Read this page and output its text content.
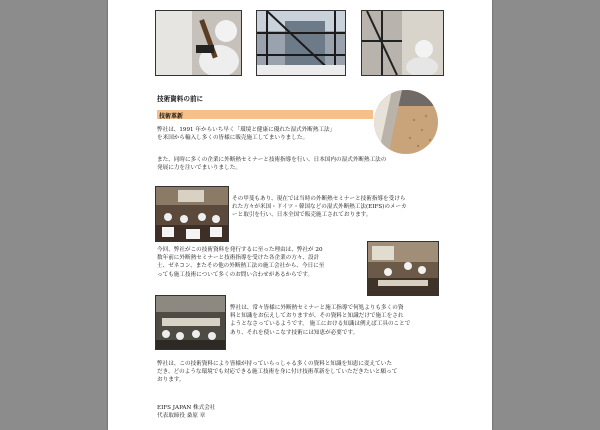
技術資料の前に
技術革新
弊社は、1991 年からいち早く「環境と健康に優れた湿式外断熱工法」
を米国から輸入し多くの皆様に販売施工してまいりました。
また、同時に多くの企業に外断熱セミナーと技術指導を行い、日本国内の湿式外断熱工法の
発展に力を注いでまいりました。
その甲斐もあり、現在では当時の外断熱セミナーと技術指導を受けら
れた方々が米国・ドイツ・韓国などの湿式外断熱工法(EIFS)のメーカ
ーと取引を行い、日本全国で販売施工されております。
今回、弊社がこの技術資料を発行するに至った理由は、弊社が 20
数年前に外断熱セミナーと技術指導を受けた各企業の方々、設計
士、ゼネコン、またその他の外断熱工法の施工会社から、今日に至
っても施工技術について多くのお問い合わせがあるからです。
弊社は、常々皆様に外断熱セミナーと施工指導で何処よりも多くの資
料と知識をお伝えしておりますが、その資料と知識だけで施工をされ
ようとなさっているようです。 施工における知識は例えば工具のことで
あり、それを使いこなす技術には知恵が必要です。
弊社は、この技術資料により皆様が持っていらっしゃる多くの資料と知識を知恵に変えていた
だき、どのような環境でも対応できる施工技術を身に付け技術革新をしていただきたいと願って
おります。
EIFS JAPAN 株式会社
代表取締役 桑原 章
